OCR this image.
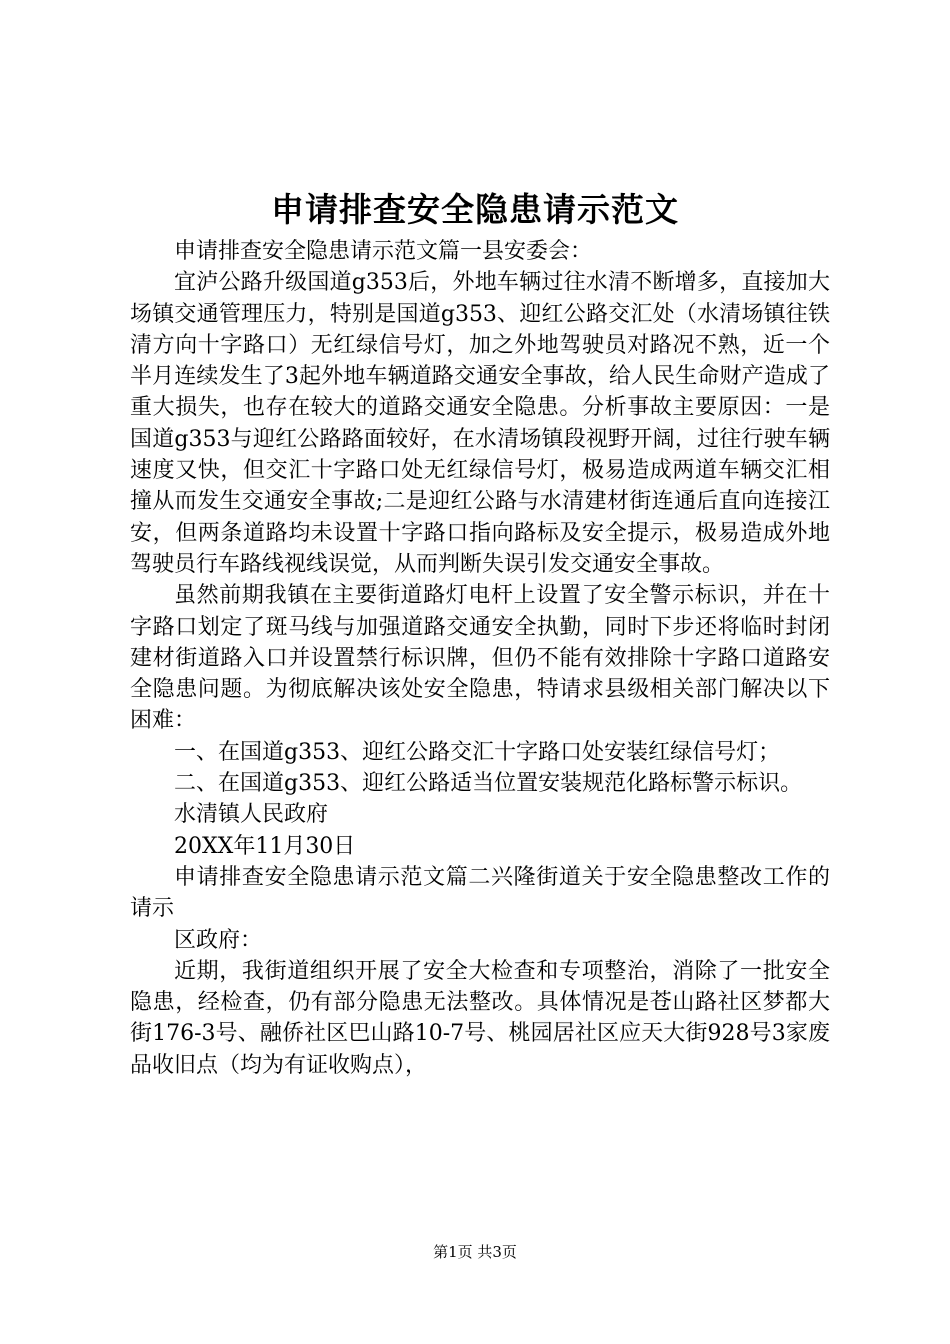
申请排查安全隐患请示范文

申请排查安全隐患请示范文篇一县安委会：

宜泸公路升级国道g353后，外地车辆过往水清不断增多，直接加大场镇交通管理压力，特别是国道g353、迎红公路交汇处（水清场镇往铁清方向十字路口）无红绿信号灯，加之外地驾驶员对路况不熟，近一个半月连续发生了3起外地车辆道路交通安全事故，给人民生命财产造成了重大损失，也存在较大的道路交通安全隐患。分析事故主要原因：一是国道g353与迎红公路路面较好，在水清场镇段视野开阔，过往行驶车辆速度又快，但交汇十字路口处无红绿信号灯，极易造成两道车辆交汇相撞从而发生交通安全事故;二是迎红公路与水清建材街连通后直向连接江安，但两条道路均未设置十字路口指向路标及安全提示，极易造成外地驾驶员行车路线视线误觉，从而判断失误引发交通安全事故。

虽然前期我镇在主要街道路灯电杆上设置了安全警示标识，并在十字路口划定了斑马线与加强道路交通安全执勤，同时下步还将临时封闭建材街道路入口并设置禁行标识牌，但仍不能有效排除十字路口道路安全隐患问题。为彻底解决该处安全隐患，特请求县级相关部门解决以下困难：

一、在国道g353、迎红公路交汇十字路口处安装红绿信号灯；

二、在国道g353、迎红公路适当位置安装规范化路标警示标识。

水清镇人民政府

20XX年11月30日

申请排查安全隐患请示范文篇二兴隆街道关于安全隐患整改工作的请示

区政府：

近期，我街道组织开展了安全大检查和专项整治，消除了一批安全隐患，经检查，仍有部分隐患无法整改。具体情况是苍山路社区梦都大街176-3号、融侨社区巴山路10-7号、桃园居社区应天大街928号3家废品收旧点（均为有证收购点），

第1页 共3页
